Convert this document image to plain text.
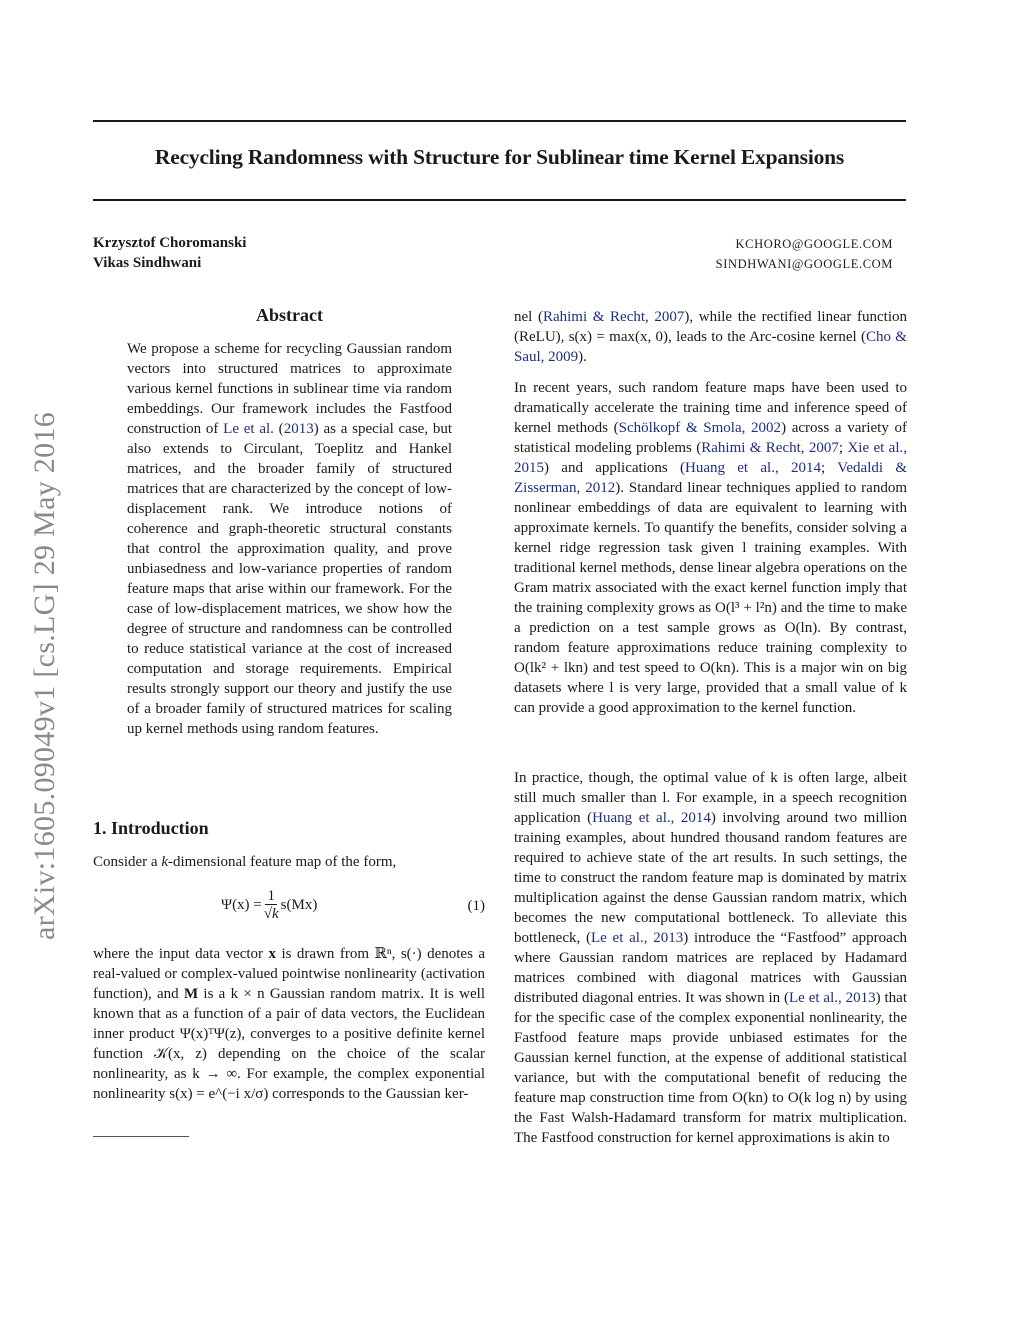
Recycling Randomness with Structure for Sublinear time Kernel Expansions
Krzysztof Choromanski	KCHORO@GOOGLE.COM
Vikas Sindhwani	SINDHWANI@GOOGLE.COM
arXiv:1605.09049v1 [cs.LG] 29 May 2016
Abstract

We propose a scheme for recycling Gaussian random vectors into structured matrices to approximate various kernel functions in sublinear time via random embeddings. Our framework includes the Fastfood construction of Le et al. (2013) as a special case, but also extends to Circulant, Toeplitz and Hankel matrices, and the broader family of structured matrices that are characterized by the concept of low-displacement rank. We introduce notions of coherence and graph-theoretic structural constants that control the approximation quality, and prove unbiasedness and low-variance properties of random feature maps that arise within our framework. For the case of low-displacement matrices, we show how the degree of structure and randomness can be controlled to reduce statistical variance at the cost of increased computation and storage requirements. Empirical results strongly support our theory and justify the use of a broader family of structured matrices for scaling up kernel methods using random features.

1. Introduction

Consider a k-dimensional feature map of the form,

$\Psi(x) = \frac{1}{√k} s(Mx)$	(1)

where the input data vector x is drawn from ℝⁿ, s(·) denotes a real-valued or complex-valued pointwise nonlinearity (activation function), and M is a k × n Gaussian random matrix. It is well known that as a function of a pair of data vectors, the Euclidean inner product Ψ(x)ᵀΨ(z), converges to a positive definite kernel function 𝒦(x, z) depending on the choice of the scalar nonlinearity, as k → ∞. For example, the complex exponential nonlinearity s(x) = e^(−i x/σ) corresponds to the Gaussian ker-

nel (Rahimi & Recht, 2007), while the rectified linear function (ReLU), s(x) = max(x, 0), leads to the Arc-cosine kernel (Cho & Saul, 2009).

In recent years, such random feature maps have been used to dramatically accelerate the training time and inference speed of kernel methods (Schölkopf & Smola, 2002) across a variety of statistical modeling problems (Rahimi & Recht, 2007; Xie et al., 2015) and applications (Huang et al., 2014; Vedaldi & Zisserman, 2012). Standard linear techniques applied to random nonlinear embeddings of data are equivalent to learning with approximate kernels. To quantify the benefits, consider solving a kernel ridge regression task given l training examples. With traditional kernel methods, dense linear algebra operations on the Gram matrix associated with the exact kernel function imply that the training complexity grows as O(l³ + l²n) and the time to make a prediction on a test sample grows as O(ln). By contrast, random feature approximations reduce training complexity to O(lk² + lkn) and test speed to O(kn). This is a major win on big datasets where l is very large, provided that a small value of k can provide a good approximation to the kernel function.

In practice, though, the optimal value of k is often large, albeit still much smaller than l. For example, in a speech recognition application (Huang et al., 2014) involving around two million training examples, about hundred thousand random features are required to achieve state of the art results. In such settings, the time to construct the random feature map is dominated by matrix multiplication against the dense Gaussian random matrix, which becomes the new computational bottleneck. To alleviate this bottleneck, (Le et al., 2013) introduce the “Fastfood” approach where Gaussian random matrices are replaced by Hadamard matrices combined with diagonal matrices with Gaussian distributed diagonal entries. It was shown in (Le et al., 2013) that for the specific case of the complex exponential nonlinearity, the Fastfood feature maps provide unbiased estimates for the Gaussian kernel function, at the expense of additional statistical variance, but with the computational benefit of reducing the feature map construction time from O(kn) to O(k log n) by using the Fast Walsh-Hadamard transform for matrix multiplication. The Fastfood construction for kernel approximations is akin to
